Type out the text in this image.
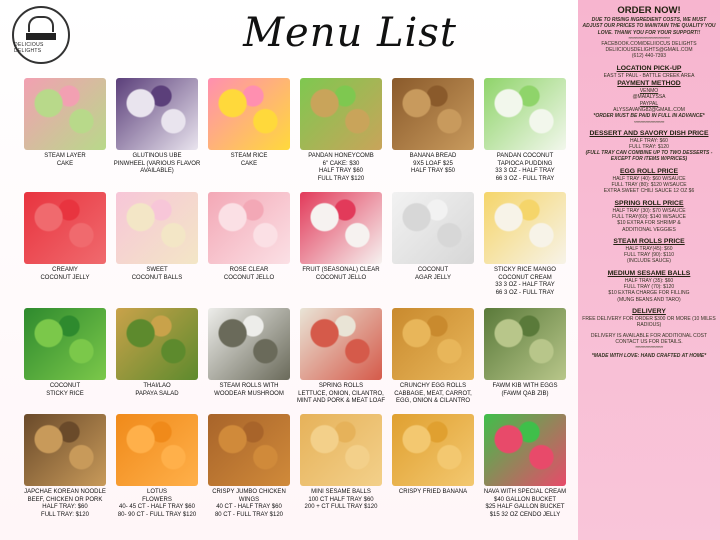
DELICIOUS DELIGHTS	Menu List
STEAM LAYER
CAKE
GLUTINOUS UBE
PINWHEEL (VARIOUS FLAVOR
AVAILABLE)
STEAM RICE
CAKE
PANDAN HONEYCOMB
6" CAKE: $30
HALF TRAY $60
FULL TRAY $120
BANANA BREAD
9X5 LOAF $25
HALF TRAY $50
PANDAN COCONUT
TAPIOCA PUDDING
33 3 OZ - HALF TRAY
66 3 OZ - FULL TRAY
CREAMY
COCONUT JELLY
SWEET
COCONUT BALLS
ROSE CLEAR
COCONUT JELLO
FRUIT (SEASONAL) CLEAR
COCONUT JELLO
COCONUT
AGAR JELLY
STICKY RICE MANGO
COCONUT CREAM
33 3 OZ - HALF TRAY
66 3 OZ - FULL TRAY
COCONUT
STICKY RICE
THAI/LAO
PAPAYA SALAD
STEAM ROLLS WITH
WOODEAR MUSHROOM
SPRING ROLLS
LETTUCE, ONION, CILANTRO,
MINT AND PORK & MEAT LOAF
CRUNCHY EGG ROLLS
CABBAGE, MEAT, CARROT,
EGG, ONION & CILANTRO
FAWM KIB WITH EGGS
(FAWM QAB ZIB)
JAPCHAE KOREAN NOODLE
BEEF, CHICKEN OR PORK
HALF TRAY: $60
FULL TRAY: $120
LOTUS
FLOWERS
40- 45 CT - HALF TRAY $60
80- 90 CT - FULL TRAY $120
CRISPY JUMBO CHICKEN
WINGS
40 CT - HALF TRAY $60
80 CT - FULL TRAY $120
MINI SESAME BALLS
100 CT HALF TRAY $60
200 + CT FULL TRAY $120
CRISPY FRIED BANANA	NAVA WITH SPECIAL CREAM
$40 GALLON BUCKET
$25 HALF GALLON BUCKET
$15 32 OZ CENDO JELLY
ORDER NOW!
DUE TO RISING INGREDIENT COSTS, WE MUST ADJUST OUR PRICES TO MAINTAIN THE QUALITY YOU LOVE. THANK YOU FOR YOUR SUPPORT!!
*********************************
FACEBOOK.COM/DELIIOCUS DELIGHTS
DELIICIOUSDELIGHTS@GMAIL.COM
(612) 440-7393
LOCATION PICK-UP
EAST ST PAUL - BATTLE CREEK AREA
PAYMENT METHOD
VENMO
@MAIALYSSA
PAYPAL
ALYSSAVANG82@GMAIL.COM
*ORDER MUST BE PAID IN FULL IN ADVANCE*
************************
DESSERT AND SAVORY DISH PRICE
HALF TRAY: $60
FULL TRAY: $120
(FULL TRAY CAN COMBINE UP TO TWO DESSERTS - EXCEPT FOR ITEMS W/PRICES)
EGG ROLL PRICE
HALF TRAY (40): $60 W/SAUCE
FULL TRAY (80): $120 W/SAUCE
EXTRA SWEET CHILI SAUCE 12 OZ $6
SPRING ROLL PRICE
HALF TRAY (30): $70 W/SAUCE
FULL TRAY(60): $140 W/SAUCE
$10 EXTRA FOR SHRIMP &
ADDITIONAL VEGGIES
STEAM ROLLS PRICE
HALF TRAY(45): $60
FULL TRAY (90): $110
(INCLUDE SAUCE)
MEDIUM SESAME BALLS
HALF TRAY (35): $60
FULL TRAY (70): $120
$10 EXTRA CHARGE FOR FILLING
(MUNG BEANS AND TARO)
DELIVERY
FREE DELIVERY FOR ORDER $300 OR MORE (10 MILES RADIOUS)
DELIVERY IS AVAILABLE FOR ADDITIONAL COST CONTACT US FOR DETAILS.
**********************
*MADE WITH LOVE: HAND CRAFTED AT HOME*
